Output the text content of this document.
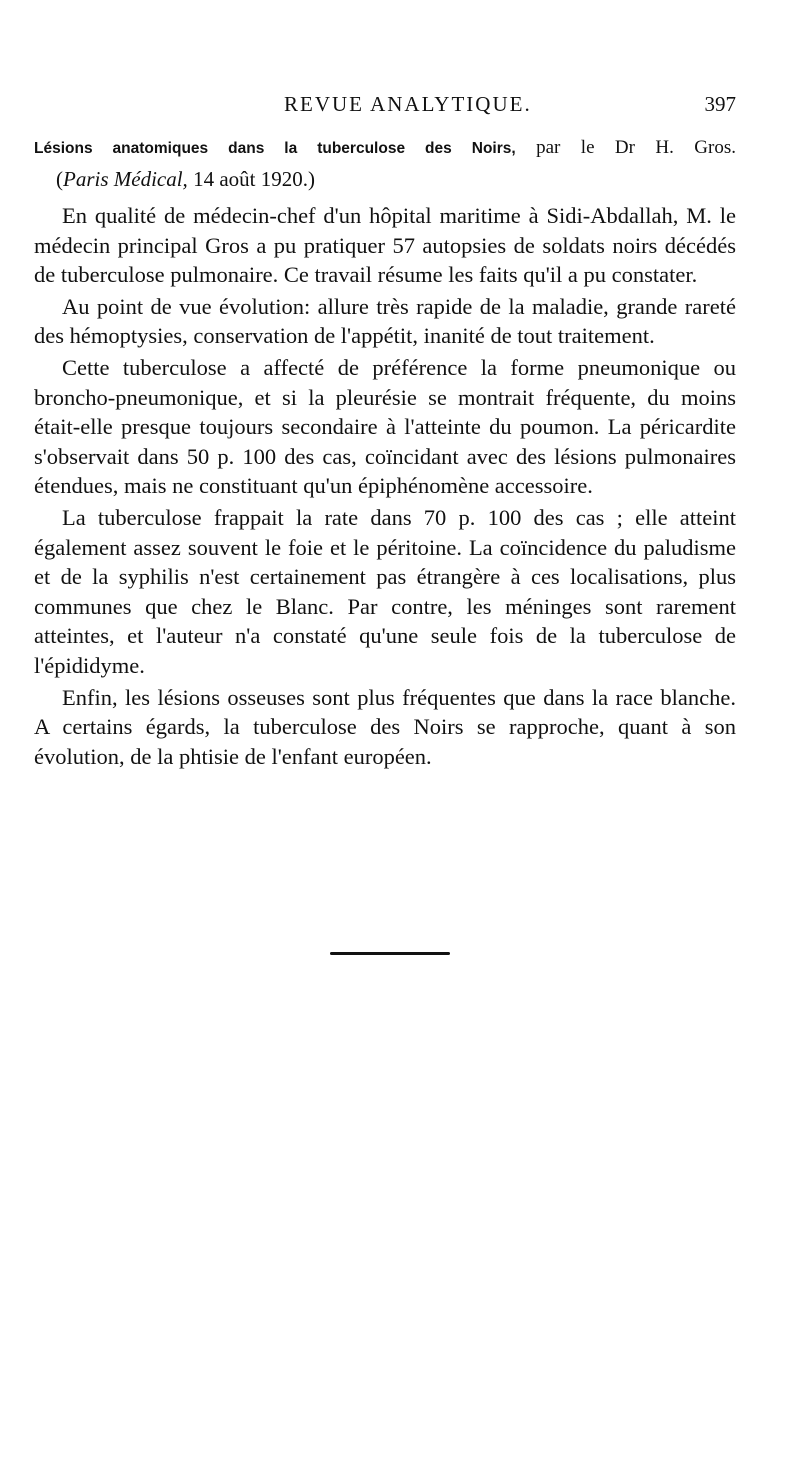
REVUE ANALYTIQUE.	397

Lésions anatomiques dans la tuberculose des Noirs, par le Dr H. Gros.

(Paris Médical, 14 août 1920.)

En qualité de médecin-chef d'un hôpital maritime à Sidi-Abdallah, M. le médecin principal Gros a pu pratiquer 57 autopsies de soldats noirs décédés de tuberculose pulmonaire. Ce travail résume les faits qu'il a pu constater.

Au point de vue évolution: allure très rapide de la maladie, grande rareté des hémoptysies, conservation de l'appétit, inanité de tout traitement.

Cette tuberculose a affecté de préférence la forme pneumonique ou broncho-pneumonique, et si la pleurésie se montrait fréquente, du moins était-elle presque toujours secondaire à l'atteinte du poumon. La péricardite s'observait dans 50 p. 100 des cas, coïncidant avec des lésions pulmonaires étendues, mais ne constituant qu'un épiphénomène accessoire.

La tuberculose frappait la rate dans 70 p. 100 des cas ; elle atteint également assez souvent le foie et le péritoine. La coïncidence du paludisme et de la syphilis n'est certainement pas étrangère à ces localisations, plus communes que chez le Blanc. Par contre, les méninges sont rarement atteintes, et l'auteur n'a constaté qu'une seule fois de la tuberculose de l'épididyme.

Enfin, les lésions osseuses sont plus fréquentes que dans la race blanche. A certains égards, la tuberculose des Noirs se rapproche, quant à son évolution, de la phtisie de l'enfant européen.
